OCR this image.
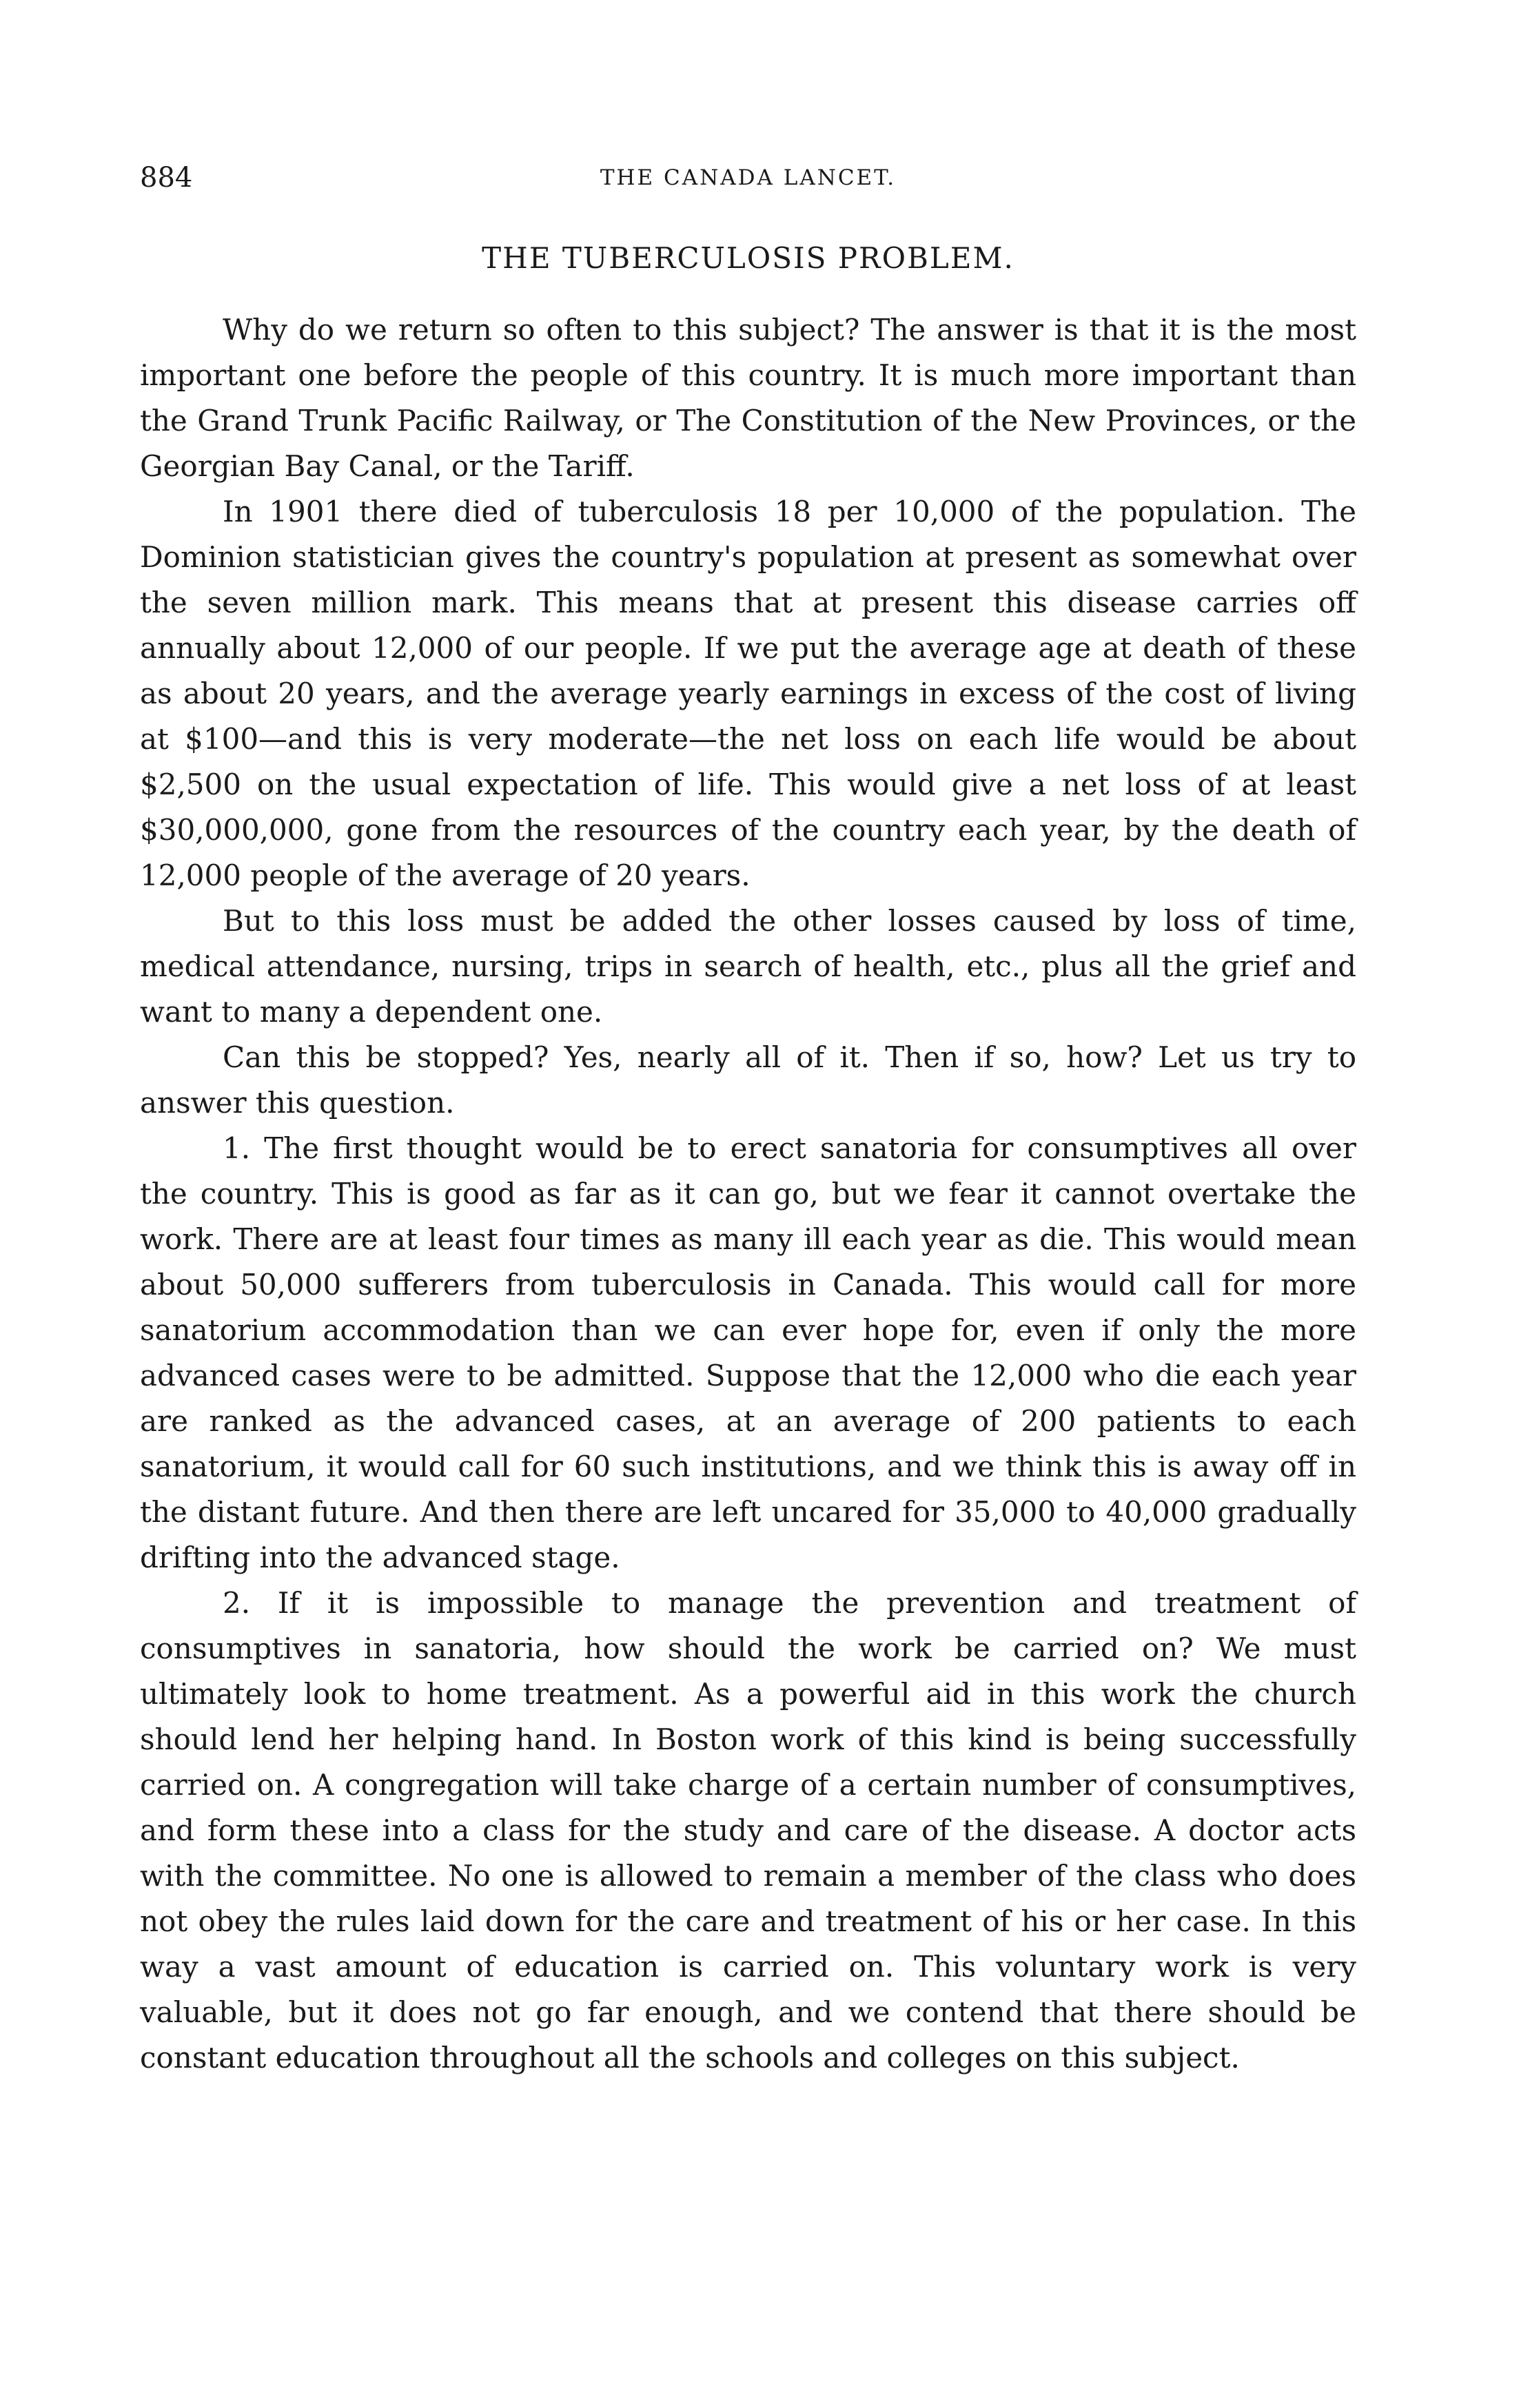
884	THE CANADA LANCET.
THE TUBERCULOSIS PROBLEM.

Why do we return so often to this subject? The answer is that it is the most important one before the people of this country. It is much more important than the Grand Trunk Pacific Railway, or The Constitution of the New Provinces, or the Georgian Bay Canal, or the Tariff.

In 1901 there died of tuberculosis 18 per 10,000 of the population. The Dominion statistician gives the country's population at present as somewhat over the seven million mark. This means that at present this disease carries off annually about 12,000 of our people. If we put the average age at death of these as about 20 years, and the average yearly earnings in excess of the cost of living at $100—and this is very moderate—the net loss on each life would be about $2,500 on the usual expectation of life. This would give a net loss of at least $30,000,000, gone from the resources of the country each year, by the death of 12,000 people of the average of 20 years.

But to this loss must be added the other losses caused by loss of time, medical attendance, nursing, trips in search of health, etc., plus all the grief and want to many a dependent one.

Can this be stopped? Yes, nearly all of it. Then if so, how? Let us try to answer this question.

1. The first thought would be to erect sanatoria for consumptives all over the country. This is good as far as it can go, but we fear it cannot overtake the work. There are at least four times as many ill each year as die. This would mean about 50,000 sufferers from tuberculosis in Canada. This would call for more sanatorium accommodation than we can ever hope for, even if only the more advanced cases were to be admitted. Suppose that the 12,000 who die each year are ranked as the advanced cases, at an average of 200 patients to each sanatorium, it would call for 60 such institutions, and we think this is away off in the distant future. And then there are left uncared for 35,000 to 40,000 gradually drifting into the advanced stage.

2. If it is impossible to manage the prevention and treatment of consumptives in sanatoria, how should the work be carried on? We must ultimately look to home treatment. As a powerful aid in this work the church should lend her helping hand. In Boston work of this kind is being successfully carried on. A congregation will take charge of a certain number of consumptives, and form these into a class for the study and care of the disease. A doctor acts with the committee. No one is allowed to remain a member of the class who does not obey the rules laid down for the care and treatment of his or her case. In this way a vast amount of education is carried on. This voluntary work is very valuable, but it does not go far enough, and we contend that there should be constant education throughout all the schools and colleges on this subject.
